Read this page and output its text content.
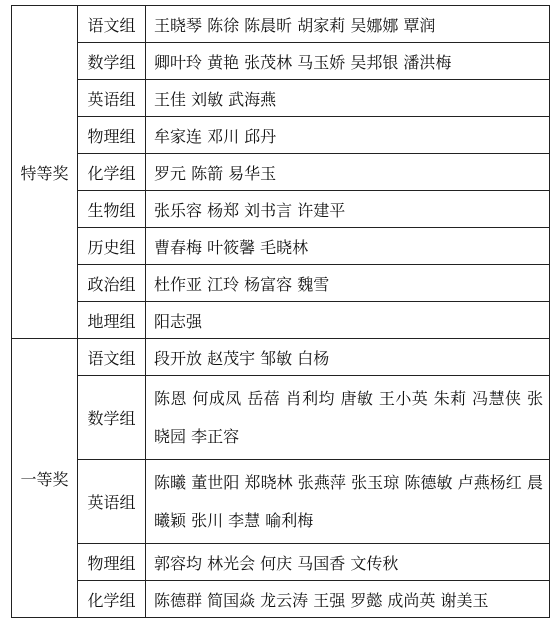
特等奖	语文组	王晓琴 陈徐 陈晨昕 胡家莉 吴娜娜 覃润
	数学组	卿叶玲 黄艳 张茂林 马玉娇 吴邦银 潘洪梅
	英语组	王佳 刘敏 武海燕
	物理组	牟家连 邓川 邱丹
	化学组	罗元 陈箭 易华玉
	生物组	张乐容 杨郑 刘书言 许建平
	历史组	曹春梅 叶筱馨 毛晓林
	政治组	杜作亚 江玲 杨富容 魏雪
	地理组	阳志强
一等奖	语文组	段开放 赵茂宇 邹敏 白杨
	数学组	陈恩 何成凤 岳蓓 肖利均 唐敏 王小英 朱莉 冯慧侠 张晓园 李正容
	英语组	陈曦 董世阳 郑晓林 张燕萍 张玉琼 陈德敏 卢燕杨红 晨曦颖 张川 李慧 喻利梅
	物理组	郭容均 林光会 何庆 马国香 文传秋
	化学组	陈德群 简国焱 龙云涛 王强 罗懿 成尚英 谢美玉
